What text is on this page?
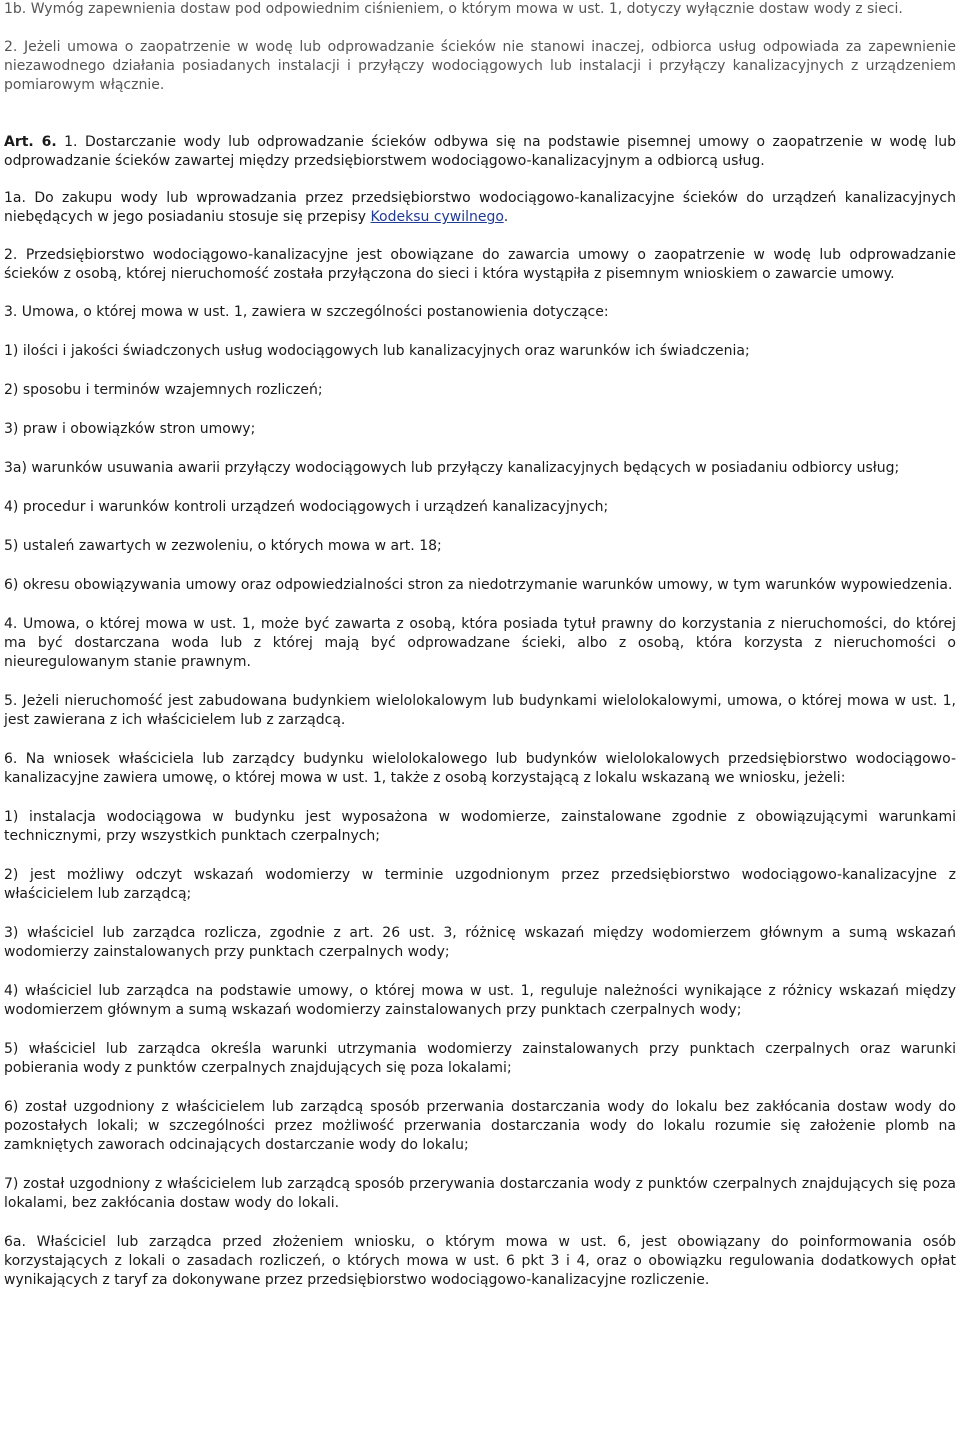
1b. Wymóg zapewnienia dostaw pod odpowiednim ciśnieniem, o którym mowa w ust. 1, dotyczy wyłącznie dostaw wody z sieci.

2. Jeżeli umowa o zaopatrzenie w wodę lub odprowadzanie ścieków nie stanowi inaczej, odbiorca usług odpowiada za zapewnienie niezawodnego działania posiadanych instalacji i przyłączy wodociągowych lub instalacji i przyłączy kanalizacyjnych z urządzeniem pomiarowym włącznie.

Art. 6. 1. Dostarczanie wody lub odprowadzanie ścieków odbywa się na podstawie pisemnej umowy o zaopatrzenie w wodę lub odprowadzanie ścieków zawartej między przedsiębiorstwem wodociągowo-kanalizacyjnym a odbiorcą usług.

1a. Do zakupu wody lub wprowadzania przez przedsiębiorstwo wodociągowo-kanalizacyjne ścieków do urządzeń kanalizacyjnych niebędących w jego posiadaniu stosuje się przepisy Kodeksu cywilnego.

2. Przedsiębiorstwo wodociągowo-kanalizacyjne jest obowiązane do zawarcia umowy o zaopatrzenie w wodę lub odprowadzanie ścieków z osobą, której nieruchomość została przyłączona do sieci i która wystąpiła z pisemnym wnioskiem o zawarcie umowy.

3. Umowa, o której mowa w ust. 1, zawiera w szczególności postanowienia dotyczące:

1) ilości i jakości świadczonych usług wodociągowych lub kanalizacyjnych oraz warunków ich świadczenia;

2) sposobu i terminów wzajemnych rozliczeń;

3) praw i obowiązków stron umowy;

3a) warunków usuwania awarii przyłączy wodociągowych lub przyłączy kanalizacyjnych będących w posiadaniu odbiorcy usług;

4) procedur i warunków kontroli urządzeń wodociągowych i urządzeń kanalizacyjnych;

5) ustaleń zawartych w zezwoleniu, o których mowa w art. 18;

6) okresu obowiązywania umowy oraz odpowiedzialności stron za niedotrzymanie warunków umowy, w tym warunków wypowiedzenia.

4. Umowa, o której mowa w ust. 1, może być zawarta z osobą, która posiada tytuł prawny do korzystania z nieruchomości, do której ma być dostarczana woda lub z której mają być odprowadzane ścieki, albo z osobą, która korzysta z nieruchomości o nieuregulowanym stanie prawnym.

5. Jeżeli nieruchomość jest zabudowana budynkiem wielolokalowym lub budynkami wielolokalowymi, umowa, o której mowa w ust. 1, jest zawierana z ich właścicielem lub z zarządcą.

6. Na wniosek właściciela lub zarządcy budynku wielolokalowego lub budynków wielolokalowych przedsiębiorstwo wodociągowo-kanalizacyjne zawiera umowę, o której mowa w ust. 1, także z osobą korzystającą z lokalu wskazaną we wniosku, jeżeli:

1) instalacja wodociągowa w budynku jest wyposażona w wodomierze, zainstalowane zgodnie z obowiązującymi warunkami technicznymi, przy wszystkich punktach czerpalnych;

2) jest możliwy odczyt wskazań wodomierzy w terminie uzgodnionym przez przedsiębiorstwo wodociągowo-kanalizacyjne z właścicielem lub zarządcą;

3) właściciel lub zarządca rozlicza, zgodnie z art. 26 ust. 3, różnicę wskazań między wodomierzem głównym a sumą wskazań wodomierzy zainstalowanych przy punktach czerpalnych wody;

4) właściciel lub zarządca na podstawie umowy, o której mowa w ust. 1, reguluje należności wynikające z różnicy wskazań między wodomierzem głównym a sumą wskazań wodomierzy zainstalowanych przy punktach czerpalnych wody;

5) właściciel lub zarządca określa warunki utrzymania wodomierzy zainstalowanych przy punktach czerpalnych oraz warunki pobierania wody z punktów czerpalnych znajdujących się poza lokalami;

6) został uzgodniony z właścicielem lub zarządcą sposób przerwania dostarczania wody do lokalu bez zakłócania dostaw wody do pozostałych lokali; w szczególności przez możliwość przerwania dostarczania wody do lokalu rozumie się założenie plomb na zamkniętych zaworach odcinających dostarczanie wody do lokalu;

7) został uzgodniony z właścicielem lub zarządcą sposób przerywania dostarczania wody z punktów czerpalnych znajdujących się poza lokalami, bez zakłócania dostaw wody do lokali.

6a. Właściciel lub zarządca przed złożeniem wniosku, o którym mowa w ust. 6, jest obowiązany do poinformowania osób korzystających z lokali o zasadach rozliczeń, o których mowa w ust. 6 pkt 3 i 4, oraz o obowiązku regulowania dodatkowych opłat wynikających z taryf za dokonywane przez przedsiębiorstwo wodociągowo-kanalizacyjne rozliczenie.
